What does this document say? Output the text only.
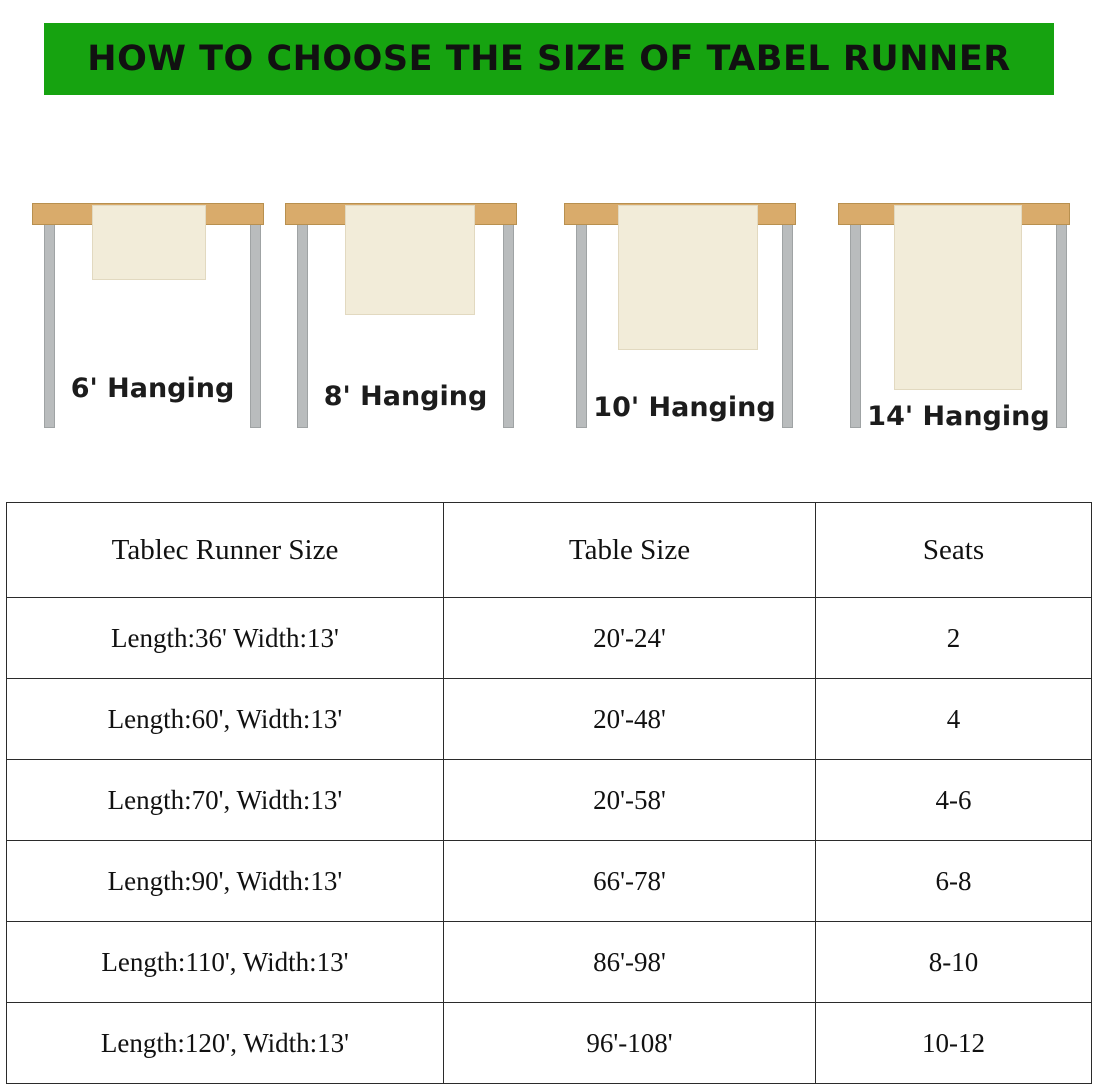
HOW TO CHOOSE THE SIZE OF TABEL RUNNER
6' Hanging	8' Hanging	10' Hanging	14' Hanging
Tablec Runner Size	Table Size	Seats
Length:36' Width:13'	20'-24'	2
Length:60', Width:13'	20'-48'	4
Length:70', Width:13'	20'-58'	4-6
Length:90', Width:13'	66'-78'	6-8
Length:110', Width:13'	86'-98'	8-10
Length:120', Width:13'	96'-108'	10-12
